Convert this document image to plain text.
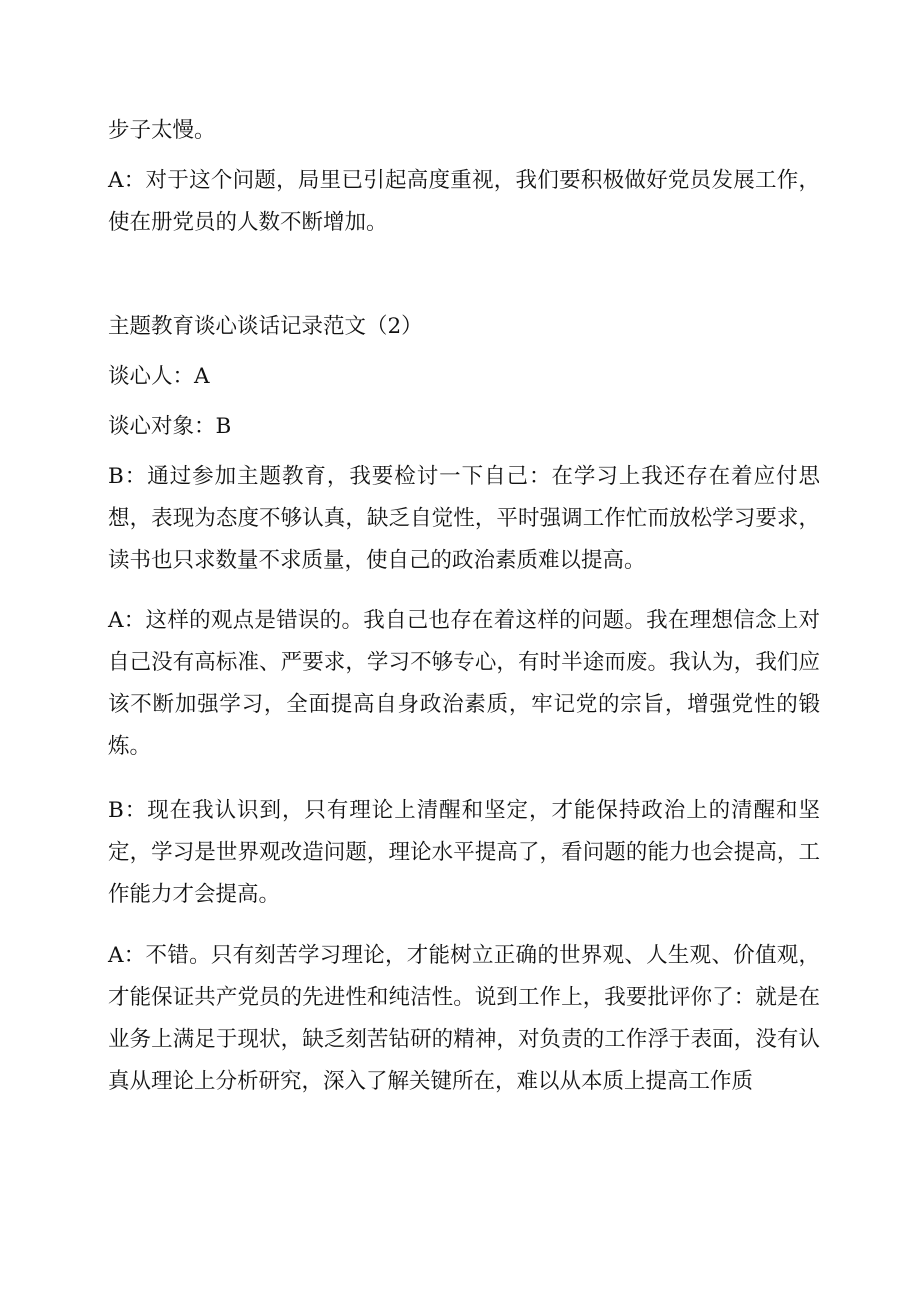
步子太慢。

A：对于这个问题，局里已引起高度重视，我们要积极做好党员发展工作，使在册党员的人数不断增加。

主题教育谈心谈话记录范文（2）

谈心人：A

谈心对象：B

B：通过参加主题教育，我要检讨一下自己：在学习上我还存在着应付思想，表现为态度不够认真，缺乏自觉性，平时强调工作忙而放松学习要求，读书也只求数量不求质量，使自己的政治素质难以提高。

A：这样的观点是错误的。我自己也存在着这样的问题。我在理想信念上对自己没有高标准、严要求，学习不够专心，有时半途而废。我认为，我们应该不断加强学习，全面提高自身政治素质，牢记党的宗旨，增强党性的锻炼。

B：现在我认识到，只有理论上清醒和坚定，才能保持政治上的清醒和坚定，学习是世界观改造问题，理论水平提高了，看问题的能力也会提高，工作能力才会提高。

A：不错。只有刻苦学习理论，才能树立正确的世界观、人生观、价值观，才能保证共产党员的先进性和纯洁性。说到工作上，我要批评你了：就是在业务上满足于现状，缺乏刻苦钻研的精神，对负责的工作浮于表面，没有认真从理论上分析研究，深入了解关键所在，难以从本质上提高工作质
